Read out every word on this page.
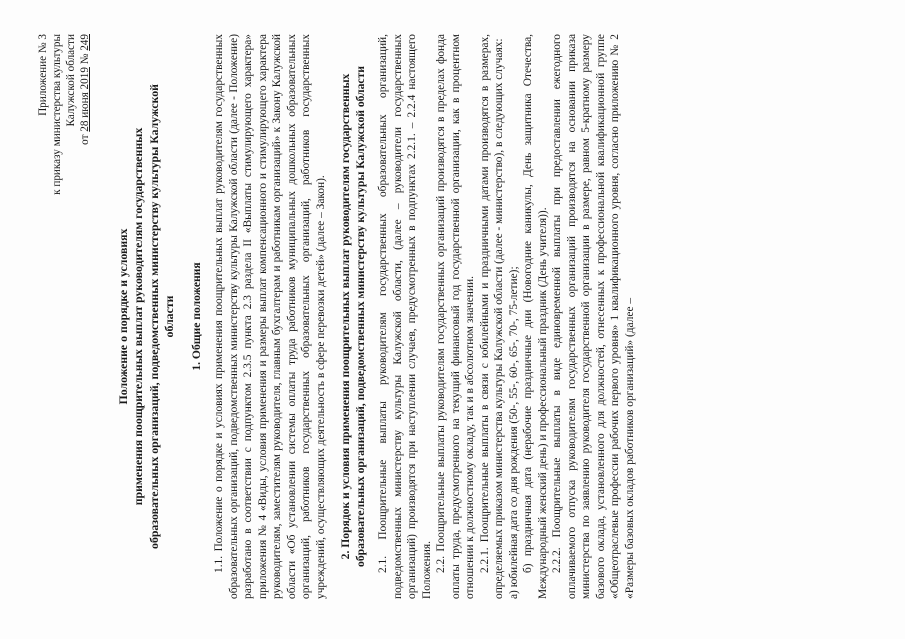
Приложение № 3 к приказу министерства культуры Калужской области
от 28 июня 2019 № 249
Положение о порядке и условиях применения поощрительных выплат руководителям государственных образовательных организаций, подведомственных министерству культуры Калужской области 1. Общие положения 1.1. Положение о порядке и условиях применения поощрительных выплат руководителям государственных образовательных организаций, подведомственных министерству культуры Калужской области (далее - Положение) разработано в соответствии с подпунктом 2.3.5 пункта 2.3 раздела II «Выплаты стимулирующего характера» приложения № 4 «Виды, условия применения и размеры выплат компенсационного и стимулирующего характера руководителям, заместителям руководителя, главным бухгалтерам и работникам организаций» к Закону Калужской области «Об установлении системы оплаты труда работников муниципальных дошкольных образовательных организаций, работников государственных образовательных организаций, работников государственных учреждений, осуществляющих деятельность в сфере перевозки детей» (далее – Закон). 2. Порядок и условия применения поощрительных выплат руководителям государственных образовательных организаций, подведомственных министерству культуры Калужской области 2.1. Поощрительные выплаты руководителям государственных образовательных организаций, подведомственных министерству культуры Калужской области, (далее – руководители государственных организаций) производятся при наступлении случаев, предусмотренных в подпунктах 2.2.1. – 2.2.4 настоящего Положения. 2.2. Поощрительные выплаты руководителям государственных организаций производятся в пределах фонда оплаты труда, предусмотренного на текущий финансовый год государственной организации, как в процентном отношении к должностному окладу, так и в абсолютном значении. 2.2.1. Поощрительные выплаты в связи с юбилейными и праздничными датами производятся в размерах, определяемых приказом министерства культуры Калужской области (далее - министерство), в следующих случаях: а) юбилейная дата со дня рождения (50-, 55-, 60-, 65-, 70-, 75-летие); б) праздничная дата (нерабочие праздничные дни (Новогодние каникулы, День защитника Отечества, Международный женский день) и профессиональный праздник (День учителя)). 2.2.2. Поощрительные выплаты в виде единовременной выплаты при предоставлении ежегодного оплачиваемого отпуска руководителям государственных организаций производятся на основании приказа министерства по заявлению руководителя государственной организации в размере, равном 5-кратному размеру базового оклада, установленного для должностей, отнесенных к профессиональной квалификационной группе «Общеотраслевые профессии рабочих первого уровня» 1 квалификационного уровня, согласно приложению № 2 «Размеры базовых окладов работников организаций» (далее –
